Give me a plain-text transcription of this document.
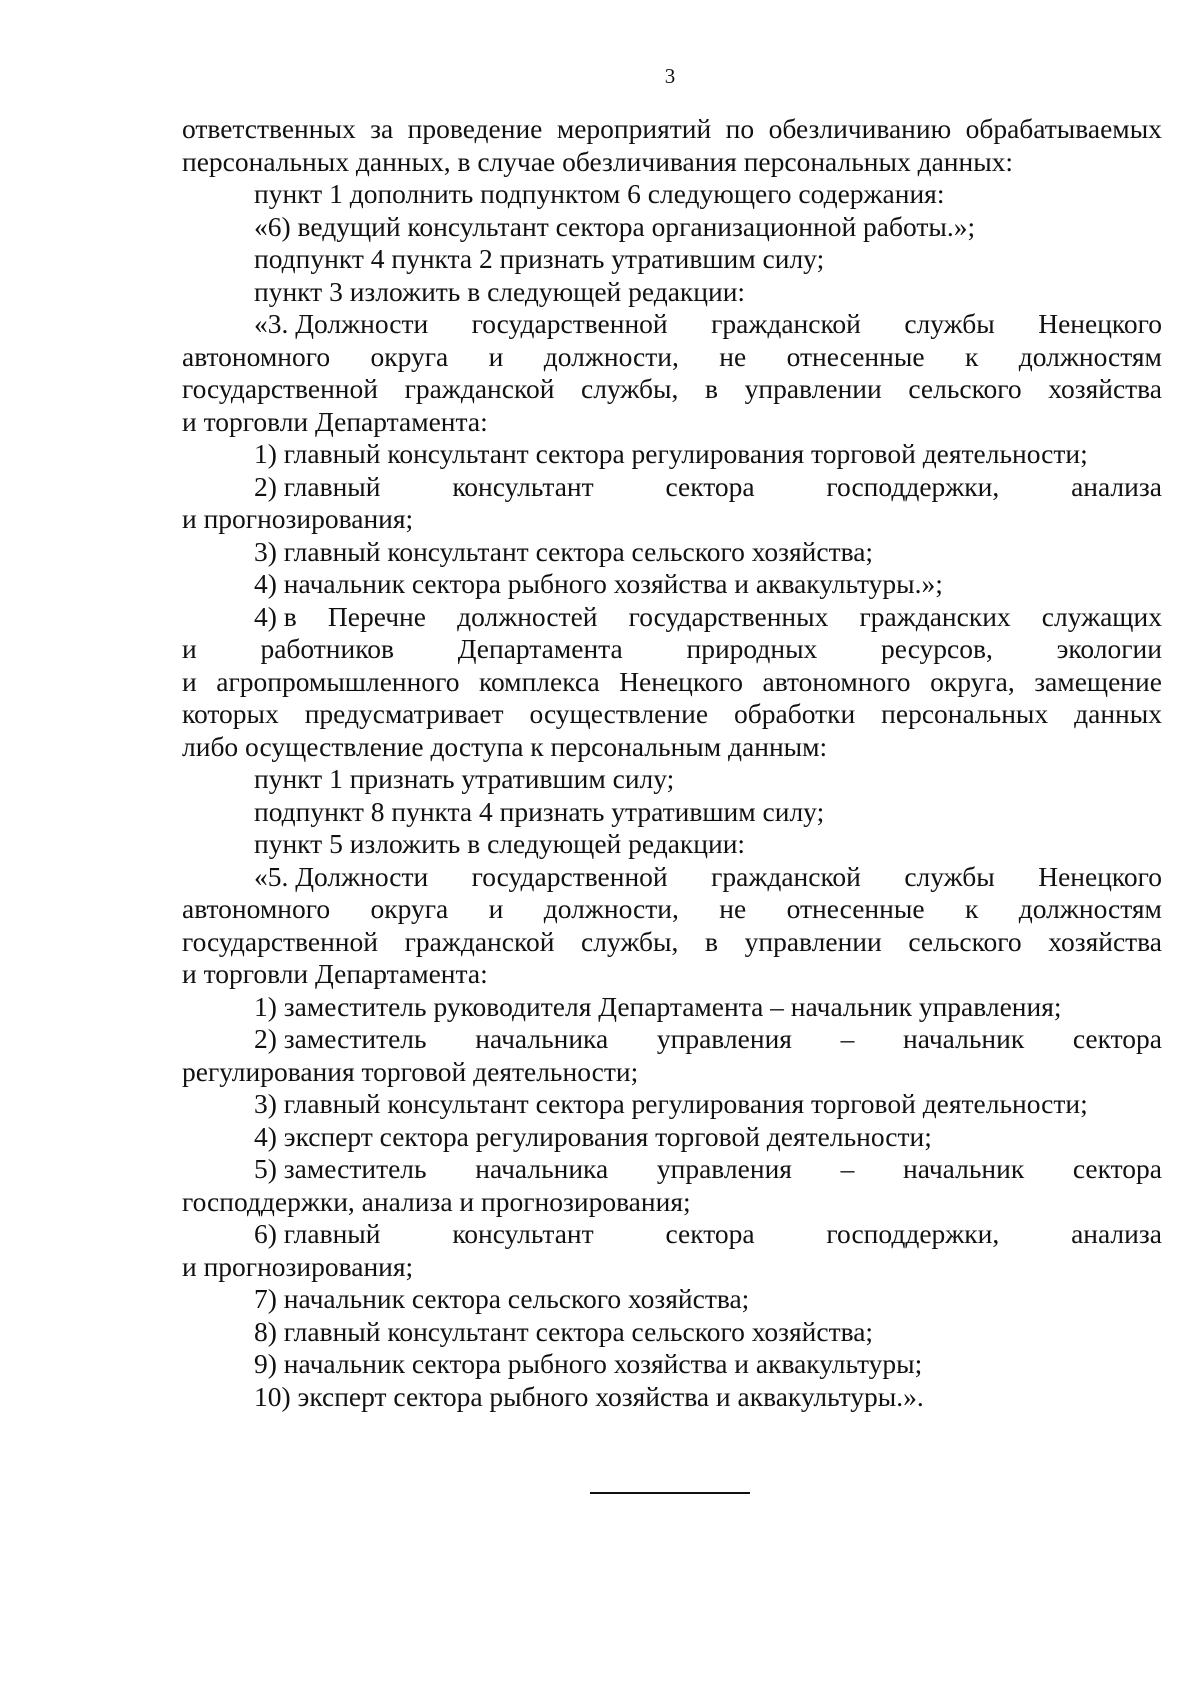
3
ответственных за проведение мероприятий по обезличиванию обрабатываемых
персональных данных, в случае обезличивания персональных данных:
пункт 1 дополнить подпунктом 6 следующего содержания:
«6) ведущий консультант сектора организационной работы.»;
подпункт 4 пункта 2 признать утратившим силу;
пункт 3 изложить в следующей редакции:
«3. Должности государственной гражданской службы Ненецкого
автономного округа и должности, не отнесенные к должностям
государственной гражданской службы, в управлении сельского хозяйства
и торговли Департамента:
1) главный консультант сектора регулирования торговой деятельности;
2) главный	консультант	сектора	господдержки,	анализа
и прогнозирования;
3) главный консультант сектора сельского хозяйства;
4) начальник сектора рыбного хозяйства и аквакультуры.»;
4) в Перечне должностей государственных гражданских служащих
и работников Департамента природных ресурсов, экологии
и агропромышленного комплекса Ненецкого автономного округа, замещение
которых предусматривает осуществление обработки персональных данных
либо осуществление доступа к персональным данным:
пункт 1 признать утратившим силу;
подпункт 8 пункта 4 признать утратившим силу;
пункт 5 изложить в следующей редакции:
«5. Должности государственной гражданской службы Ненецкого
автономного округа и должности, не отнесенные к должностям
государственной гражданской службы, в управлении сельского хозяйства
и торговли Департамента:
1) заместитель руководителя Департамента – начальник управления;
2) заместитель начальника управления – начальник сектора
регулирования торговой деятельности;
3) главный консультант сектора регулирования торговой деятельности;
4) эксперт сектора регулирования торговой деятельности;
5) заместитель начальника управления – начальник сектора
господдержки, анализа и прогнозирования;
6) главный	консультант	сектора	господдержки,	анализа
и прогнозирования;
7) начальник сектора сельского хозяйства;
8) главный консультант сектора сельского хозяйства;
9) начальник сектора рыбного хозяйства и аквакультуры;
10) эксперт сектора рыбного хозяйства и аквакультуры.».
